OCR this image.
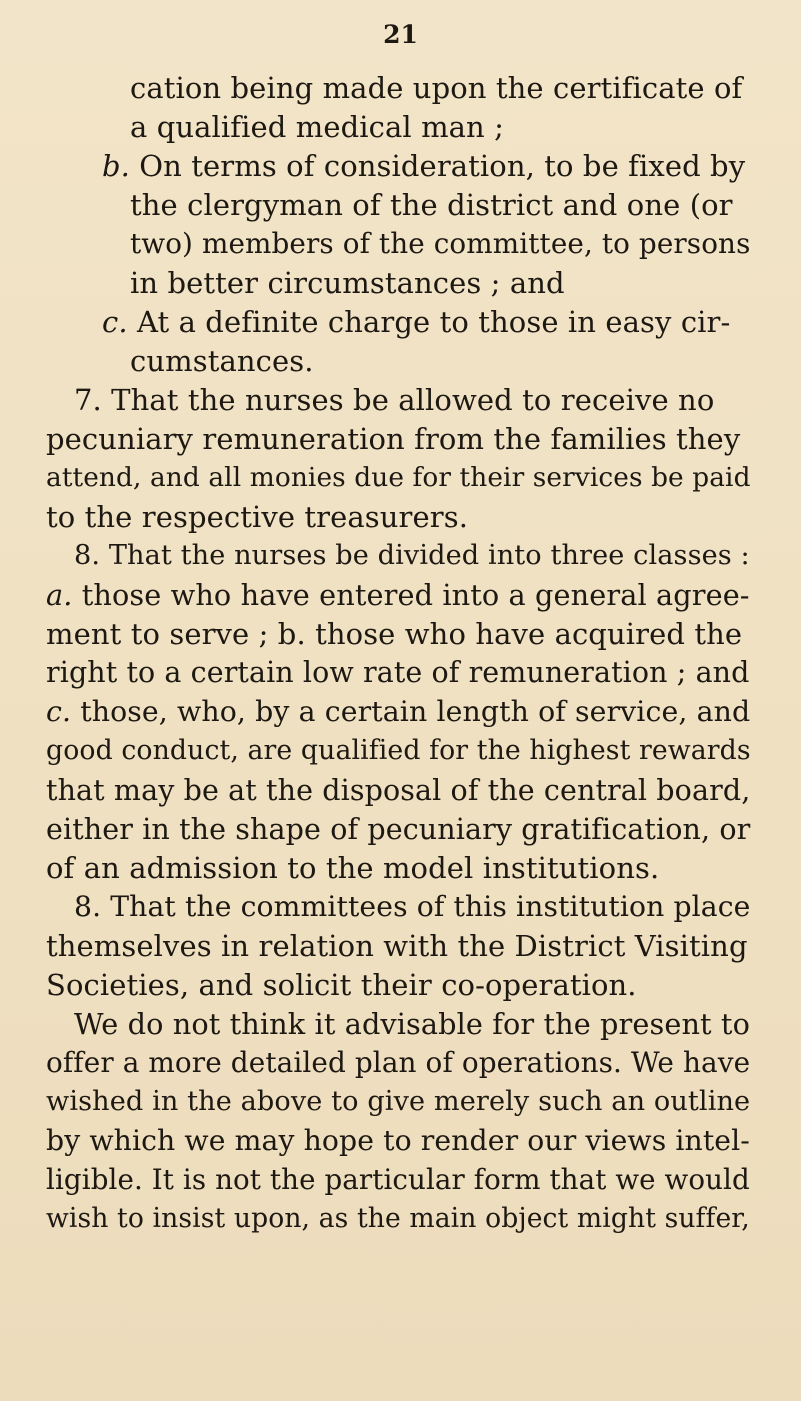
21
cation being made upon the certificate of
a qualified medical man ;
b. On terms of consideration, to be fixed by
the clergyman of the district and one (or
two) members of the committee, to persons
in better circumstances ; and
c. At a definite charge to those in easy cir-
cumstances.
7. That the nurses be allowed to receive no
pecuniary remuneration from the families they
attend, and all monies due for their services be paid
to the respective treasurers.
8. That the nurses be divided into three classes :
a. those who have entered into a general agree-
ment to serve ; b. those who have acquired the
right to a certain low rate of remuneration ; and
c. those, who, by a certain length of service, and
good conduct, are qualified for the highest rewards
that may be at the disposal of the central board,
either in the shape of pecuniary gratification, or
of an admission to the model institutions.
8. That the committees of this institution place
themselves in relation with the District Visiting
Societies, and solicit their co-operation.
We do not think it advisable for the present to
offer a more detailed plan of operations. We have
wished in the above to give merely such an outline
by which we may hope to render our views intel-
ligible. It is not the particular form that we would
wish to insist upon, as the main object might suffer,
